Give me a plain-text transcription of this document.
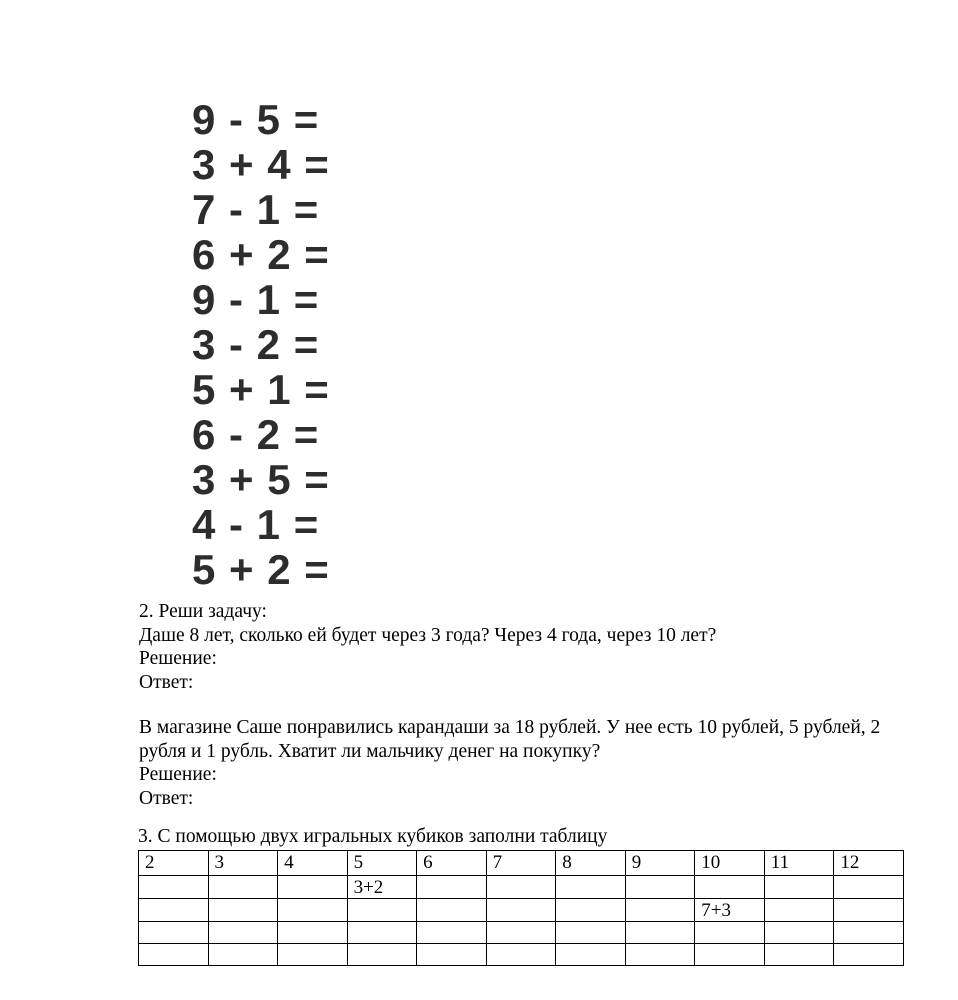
9 - 5 =
3 + 4 =
7 - 1 =
6 + 2 =
9 - 1 =
3 - 2 =
5 + 1 =
6 - 2 =
3 + 5 =
4 - 1 =
5 + 2 =

2. Реши задачу:

Даше 8 лет, сколько ей будет через 3 года? Через 4 года, через 10 лет?

Решение:

Ответ:

В магазине Саше понравились карандаши за 18 рублей. У нее есть 10 рублей, 5 рублей, 2

рубля и 1 рубль. Хватит ли мальчику денег на покупку?

Решение:

Ответ:

3. С помощью двух игральных кубиков заполни таблицу

2	3	4	5	6	7	8	9	10	11	12
			3+2							
								7+3		
